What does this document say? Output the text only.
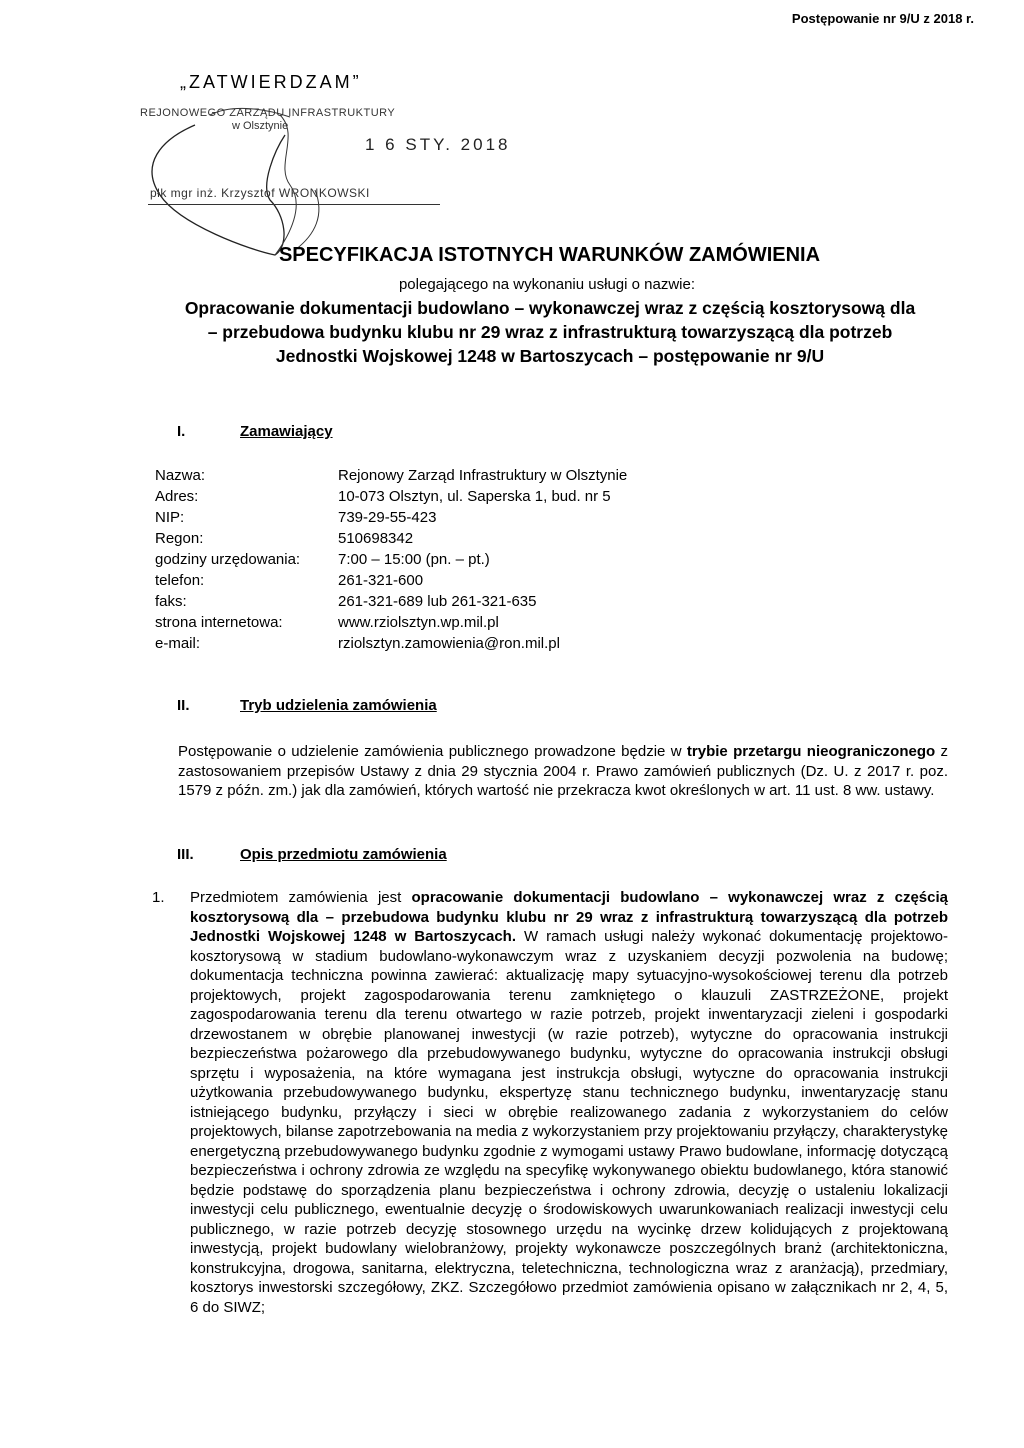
Postępowanie nr 9/U z 2018 r.
„ZATWIERDZAM”
REJONOWEGO ZARZĄDU INFRASTRUKTURY
w Olsztynie
1 6 STY. 2018
płk mgr inż. Krzysztof WRONKOWSKI
SPECYFIKACJA ISTOTNYCH WARUNKÓW ZAMÓWIENIA
polegającego na wykonaniu usługi o nazwie:
Opracowanie dokumentacji budowlano – wykonawczej wraz z częścią kosztorysową dla
– przebudowa budynku klubu nr 29 wraz z infrastrukturą towarzyszącą dla potrzeb
Jednostki Wojskowej 1248 w Bartoszycach – postępowanie nr 9/U
I.	Zamawiający
Nazwa:	Rejonowy Zarząd Infrastruktury w Olsztynie
Adres:	10-073 Olsztyn, ul. Saperska 1, bud. nr 5
NIP:	739-29-55-423
Regon:	510698342
godziny urzędowania:	7:00 – 15:00 (pn. – pt.)
telefon:	261-321-600
faks:	261-321-689 lub 261-321-635
strona internetowa:	www.rziolsztyn.wp.mil.pl
e-mail:	rziolsztyn.zamowienia@ron.mil.pl
II.	Tryb udzielenia zamówienia
Postępowanie o udzielenie zamówienia publicznego prowadzone będzie w trybie przetargu nieograniczonego z zastosowaniem przepisów Ustawy z dnia 29 stycznia 2004 r. Prawo zamówień publicznych (Dz. U. z 2017 r. poz. 1579 z późn. zm.) jak dla zamówień, których wartość nie przekracza kwot określonych w art. 11 ust. 8 ww. ustawy.
III.	Opis przedmiotu zamówienia
1. Przedmiotem zamówienia jest opracowanie dokumentacji budowlano – wykonawczej wraz z częścią kosztorysową dla – przebudowa budynku klubu nr 29 wraz z infrastrukturą towarzyszącą dla potrzeb Jednostki Wojskowej 1248 w Bartoszycach. W ramach usługi należy wykonać dokumentację projektowo-kosztorysową w stadium budowlano-wykonawczym wraz z uzyskaniem decyzji pozwolenia na budowę; dokumentacja techniczna powinna zawierać: aktualizację mapy sytuacyjno-wysokościowej terenu dla potrzeb projektowych, projekt zagospodarowania terenu zamkniętego o klauzuli ZASTRZEŻONE, projekt zagospodarowania terenu dla terenu otwartego w razie potrzeb, projekt inwentaryzacji zieleni i gospodarki drzewostanem w obrębie planowanej inwestycji (w razie potrzeb), wytyczne do opracowania instrukcji bezpieczeństwa pożarowego dla przebudowywanego budynku, wytyczne do opracowania instrukcji obsługi sprzętu i wyposażenia, na które wymagana jest instrukcja obsługi, wytyczne do opracowania instrukcji użytkowania przebudowywanego budynku, ekspertyzę stanu technicznego budynku, inwentaryzację stanu istniejącego budynku, przyłączy i sieci w obrębie realizowanego zadania z wykorzystaniem do celów projektowych, bilanse zapotrzebowania na media z wykorzystaniem przy projektowaniu przyłączy, charakterystykę energetyczną przebudowywanego budynku zgodnie z wymogami ustawy Prawo budowlane, informację dotyczącą bezpieczeństwa i ochrony zdrowia ze względu na specyfikę wykonywanego obiektu budowlanego, która stanowić będzie podstawę do sporządzenia planu bezpieczeństwa i ochrony zdrowia, decyzję o ustaleniu lokalizacji inwestycji celu publicznego, ewentualnie decyzję o środowiskowych uwarunkowaniach realizacji inwestycji celu publicznego, w razie potrzeb decyzję stosownego urzędu na wycinkę drzew kolidujących z projektowaną inwestycją, projekt budowlany wielobranżowy, projekty wykonawcze poszczególnych branż (architektoniczna, konstrukcyjna, drogowa, sanitarna, elektryczna, teletechniczna, technologiczna wraz z aranżacją), przedmiary, kosztorys inwestorski szczegółowy, ZKZ. Szczegółowo przedmiot zamówienia opisano w załącznikach nr 2, 4, 5, 6 do SIWZ;
